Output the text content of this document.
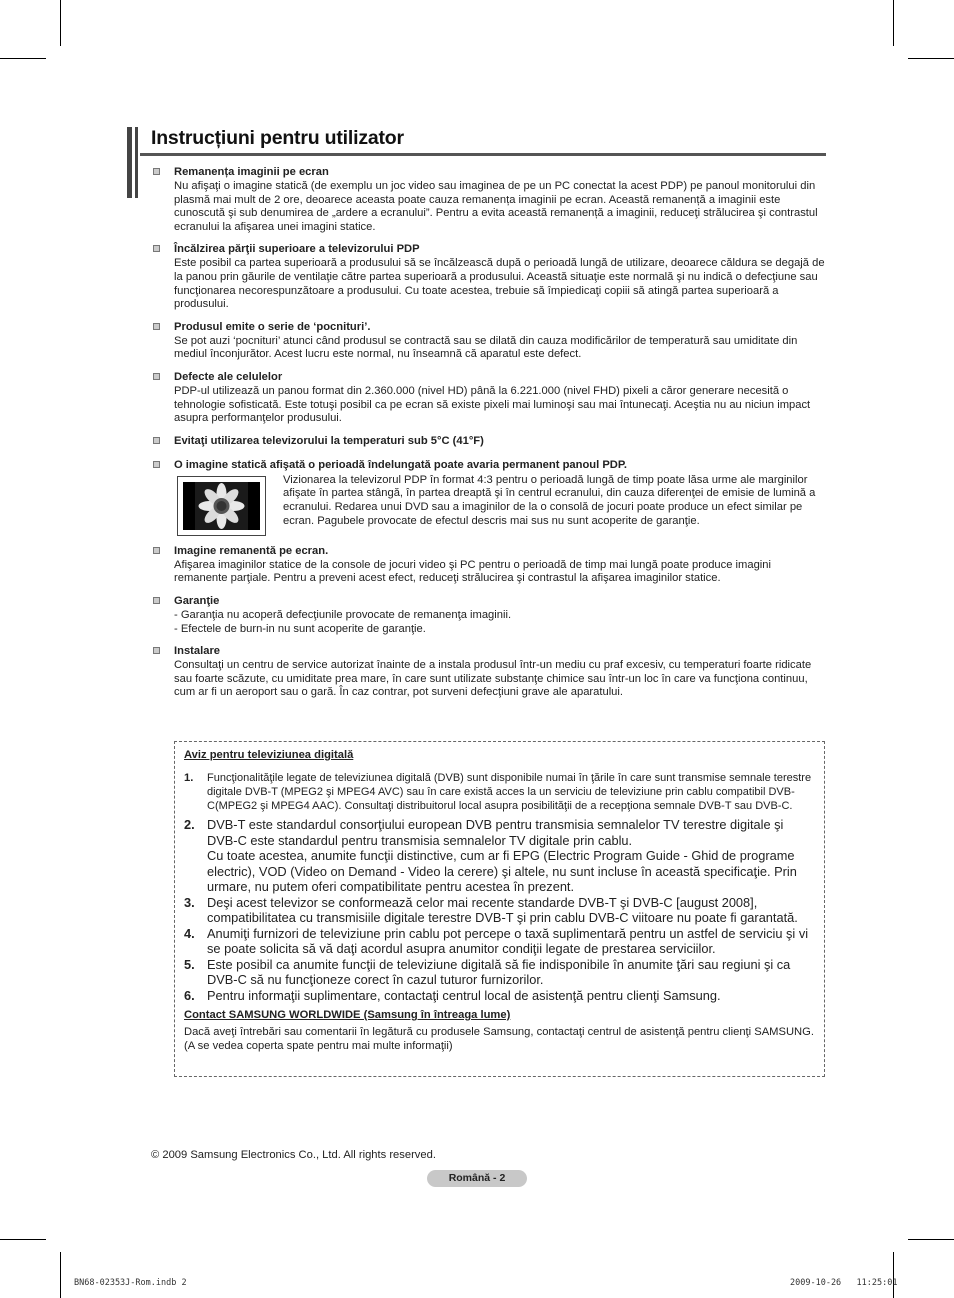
Instrucțiuni pentru utilizator
Remanența imaginii pe ecran
Nu afişaţi o imagine statică (de exemplu un joc video sau imaginea de pe un PC conectat la acest PDP) pe panoul monitorului din plasmă mai mult de 2 ore, deoarece aceasta poate cauza remanența imaginii pe ecran. Această remanență a imaginii este cunoscută şi sub denumirea de „ardere a ecranului”. Pentru a evita această remanență a imaginii, reduceţi strălucirea şi contrastul ecranului la afişarea unei imagini statice.
Încălzirea părţii superioare a televizorului PDP
Este posibil ca partea superioară a produsului să se încălzească după o perioadă lungă de utilizare, deoarece căldura se degajă de la panou prin găurile de ventilaţie către partea superioară a produsului. Această situaţie este normală şi nu indică o defecţiune sau funcţionarea necorespunzătoare a produsului. Cu toate acestea, trebuie să împiedicaţi copiii să atingă partea superioară a produsului.
Produsul emite o serie de ‘pocnituri’.
Se pot auzi ‘pocnituri’ atunci când produsul se contractă sau se dilată din cauza modificărilor de temperatură sau umiditate din mediul înconjurător. Acest lucru este normal, nu înseamnă că aparatul este defect.
Defecte ale celulelor
PDP-ul utilizează un panou format din 2.360.000 (nivel HD) până la 6.221.000 (nivel FHD) pixeli a căror generare necesită o tehnologie sofisticată. Este totuşi posibil ca pe ecran să existe pixeli mai luminoşi sau mai întunecaţi. Aceştia nu au niciun impact asupra performanţelor produsului.
Evitaţi utilizarea televizorului la temperaturi sub 5°C (41°F)
O imagine statică afişată o perioadă îndelungată poate avaria permanent panoul PDP.
Vizionarea la televizorul PDP în format 4:3 pentru o perioadă lungă de timp poate lăsa urme ale marginilor afişate în partea stângă, în partea dreaptă şi în centrul ecranului, din cauza diferenţei de emisie de lumină a ecranului. Redarea unui DVD sau a imaginilor de la o consolă de jocuri poate produce un efect similar pe ecran. Pagubele provocate de efectul descris mai sus nu sunt acoperite de garanţie.
Imagine remanentă pe ecran.
Afişarea imaginilor statice de la console de jocuri video şi PC pentru o perioadă de timp mai lungă poate produce imagini remanente parţiale. Pentru a preveni acest efect, reduceţi strălucirea şi contrastul la afişarea imaginilor statice.
Garanţie
- Garanţia nu acoperă defecţiunile provocate de remanenţa imaginii.
- Efectele de burn-in nu sunt acoperite de garanţie.
Instalare
Consultaţi un centru de service autorizat înainte de a instala produsul într-un mediu cu praf excesiv, cu temperaturi foarte ridicate sau foarte scăzute, cu umiditate prea mare, în care sunt utilizate substanţe chimice sau într-un loc în care va funcţiona continuu, cum ar fi un aeroport sau o gară. În caz contrar, pot surveni defecţiuni grave ale aparatului.
Aviz pentru televiziunea digitală
1.	Funcţionalităţile legate de televiziunea digitală (DVB) sunt disponibile numai în ţările în care sunt transmise semnale terestre digitale DVB-T (MPEG2 şi MPEG4 AVC) sau în care există acces la un serviciu de televiziune prin cablu compatibil DVB-C(MPEG2 şi MPEG4 AAC). Consultaţi distribuitorul local asupra posibilităţii de a recepţiona semnale DVB-T sau DVB-C.
2. DVB-T este standardul consorţiului european DVB pentru transmisia semnalelor TV terestre digitale şi DVB-C este standardul pentru transmisia semnalelor TV digitale prin cablu.
Cu toate acestea, anumite funcţii distinctive, cum ar fi EPG (Electric Program Guide - Ghid de programe electric), VOD (Video on Demand - Video la cerere) şi altele, nu sunt incluse în această specificaţie. Prin urmare, nu putem oferi compatibilitate pentru acestea în prezent.
3. Deşi acest televizor se conformează celor mai recente standarde DVB-T şi DVB-C [august 2008], compatibilitatea cu transmisiile digitale terestre DVB-T şi prin cablu DVB-C viitoare nu poate fi garantată.
4. Anumiţi furnizori de televiziune prin cablu pot percepe o taxă suplimentară pentru un astfel de serviciu şi vi se poate solicita să vă daţi acordul asupra anumitor condiţii legate de prestarea serviciilor.
5. Este posibil ca anumite funcţii de televiziune digitală să fie indisponibile în anumite ţări sau regiuni şi ca DVB-C să nu funcţioneze corect în cazul tuturor furnizorilor.
6. Pentru informaţii suplimentare, contactaţi centrul local de asistenţă pentru clienţi Samsung.
Contact SAMSUNG WORLDWIDE (Samsung în întreaga lume)
Dacă aveţi întrebări sau comentarii în legătură cu produsele Samsung, contactaţi centrul de asistenţă pentru clienţi SAMSUNG. (A se vedea coperta spate pentru mai multe informaţii)
© 2009 Samsung Electronics Co., Ltd. All rights reserved.
Română - 2
BN68-02353J-Rom.indb 2	2009-10-26   11:25:01
